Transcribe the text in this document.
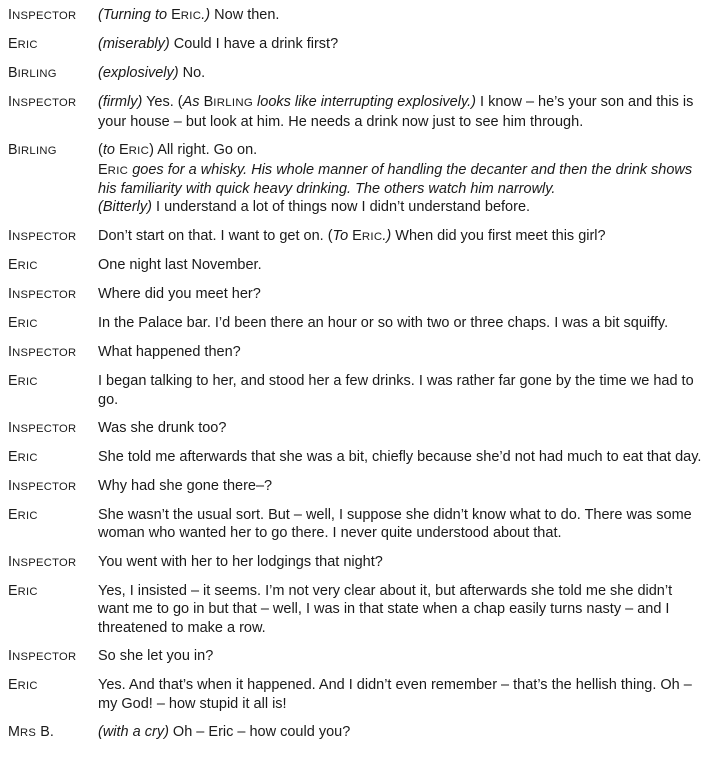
INSPECTOR	(Turning to ERIC.) Now then.
ERIC	(miserably) Could I have a drink first?
BIRLING	(explosively) No.
INSPECTOR	(firmly) Yes. (As BIRLING looks like interrupting explosively.) I know – he’s your son and this is your house – but look at him. He needs a drink now just to see him through.
BIRLING	(to ERIC) All right. Go on.
ERIC goes for a whisky. His whole manner of handling the decanter and then the drink shows his familiarity with quick heavy drinking. The others watch him narrowly.
(Bitterly) I understand a lot of things now I didn’t understand before.
INSPECTOR	Don’t start on that. I want to get on. (To ERIC.) When did you first meet this girl?
ERIC	One night last November.
INSPECTOR	Where did you meet her?
ERIC	In the Palace bar. I’d been there an hour or so with two or three chaps. I was a bit squiffy.
INSPECTOR	What happened then?
ERIC	I began talking to her, and stood her a few drinks. I was rather far gone by the time we had to go.
INSPECTOR	Was she drunk too?
ERIC	She told me afterwards that she was a bit, chiefly because she’d not had much to eat that day.
INSPECTOR	Why had she gone there–?
ERIC	She wasn’t the usual sort. But – well, I suppose she didn’t know what to do. There was some woman who wanted her to go there. I never quite understood about that.
INSPECTOR	You went with her to her lodgings that night?
ERIC	Yes, I insisted – it seems. I’m not very clear about it, but afterwards she told me she didn’t want me to go in but that – well, I was in that state when a chap easily turns nasty – and I threatened to make a row.
INSPECTOR	So she let you in?
ERIC	Yes. And that’s when it happened. And I didn’t even remember – that’s the hellish thing. Oh – my God! – how stupid it all is!
MRS B.	(with a cry) Oh – Eric – how could you?
